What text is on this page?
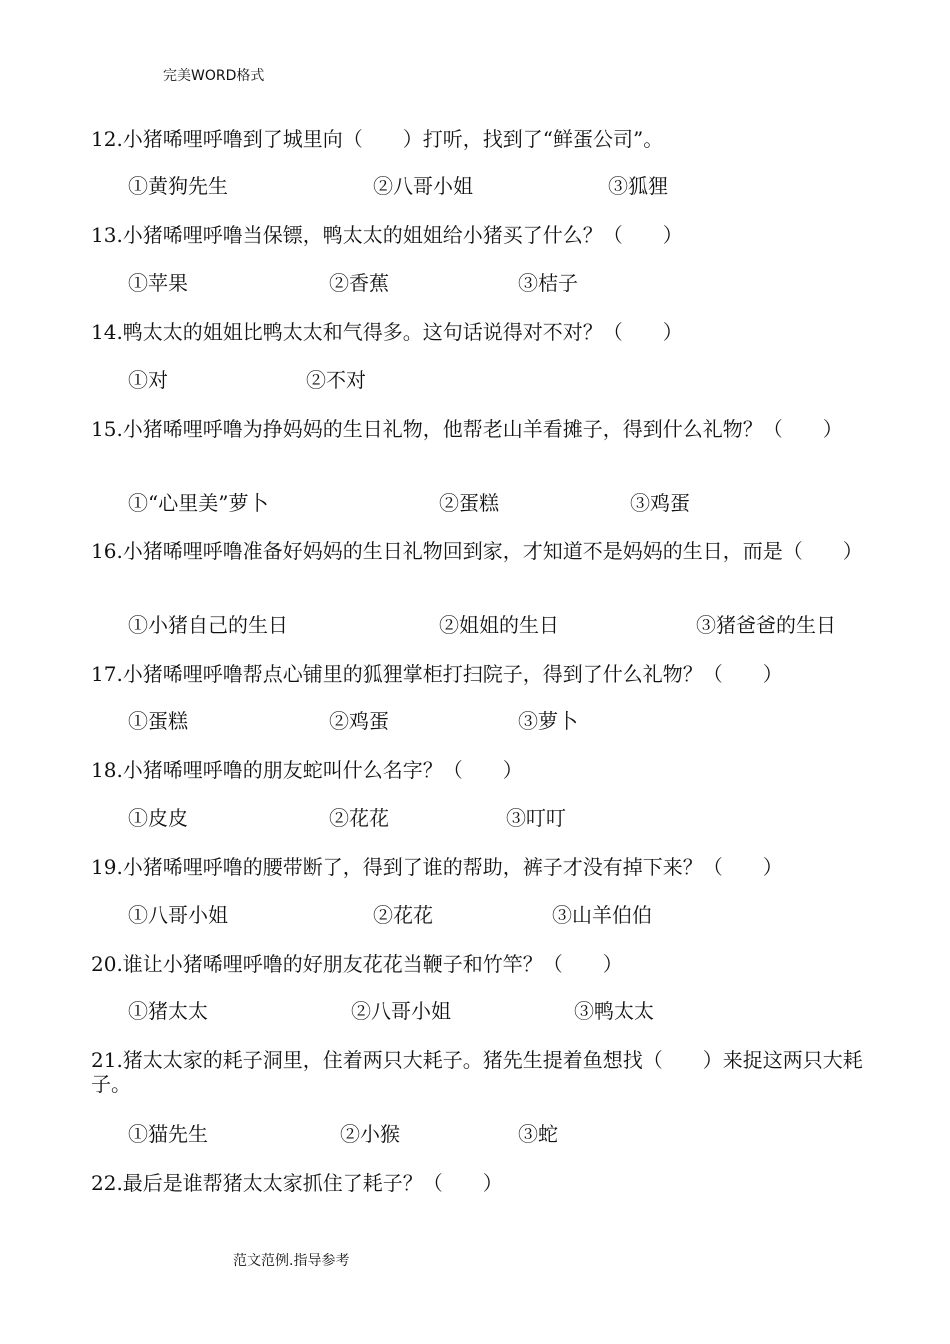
完美WORD格式
12.小猪唏哩呼噜到了城里向（　　）打听，找到了“鲜蛋公司”。
①黄狗先生	②八哥小姐	③狐狸
13.小猪唏哩呼噜当保镖，鸭太太的姐姐给小猪买了什么？（　　）
①苹果	②香蕉	③桔子
14.鸭太太的姐姐比鸭太太和气得多。这句话说得对不对？（　　）
①对	②不对
15.小猪唏哩呼噜为挣妈妈的生日礼物，他帮老山羊看摊子，得到什么礼物？（　　）
①“心里美”萝卜	②蛋糕	③鸡蛋
16.小猪唏哩呼噜准备好妈妈的生日礼物回到家，才知道不是妈妈的生日，而是（　　）
①小猪自己的生日	②姐姐的生日	③猪爸爸的生日
17.小猪唏哩呼噜帮点心铺里的狐狸掌柜打扫院子，得到了什么礼物？（　　）
①蛋糕	②鸡蛋	③萝卜
18.小猪唏哩呼噜的朋友蛇叫什么名字？（　　）
①皮皮	②花花	③叮叮
19.小猪唏哩呼噜的腰带断了，得到了谁的帮助，裤子才没有掉下来？（　　）
①八哥小姐	②花花	③山羊伯伯
20.谁让小猪唏哩呼噜的好朋友花花当鞭子和竹竿？（　　）
①猪太太	②八哥小姐	③鸭太太
21.猪太太家的耗子洞里，住着两只大耗子。猪先生提着鱼想找（　　）来捉这两只大耗子。
①猫先生	②小猴	③蛇
22.最后是谁帮猪太太家抓住了耗子？（　　）
范文范例.指导参考
